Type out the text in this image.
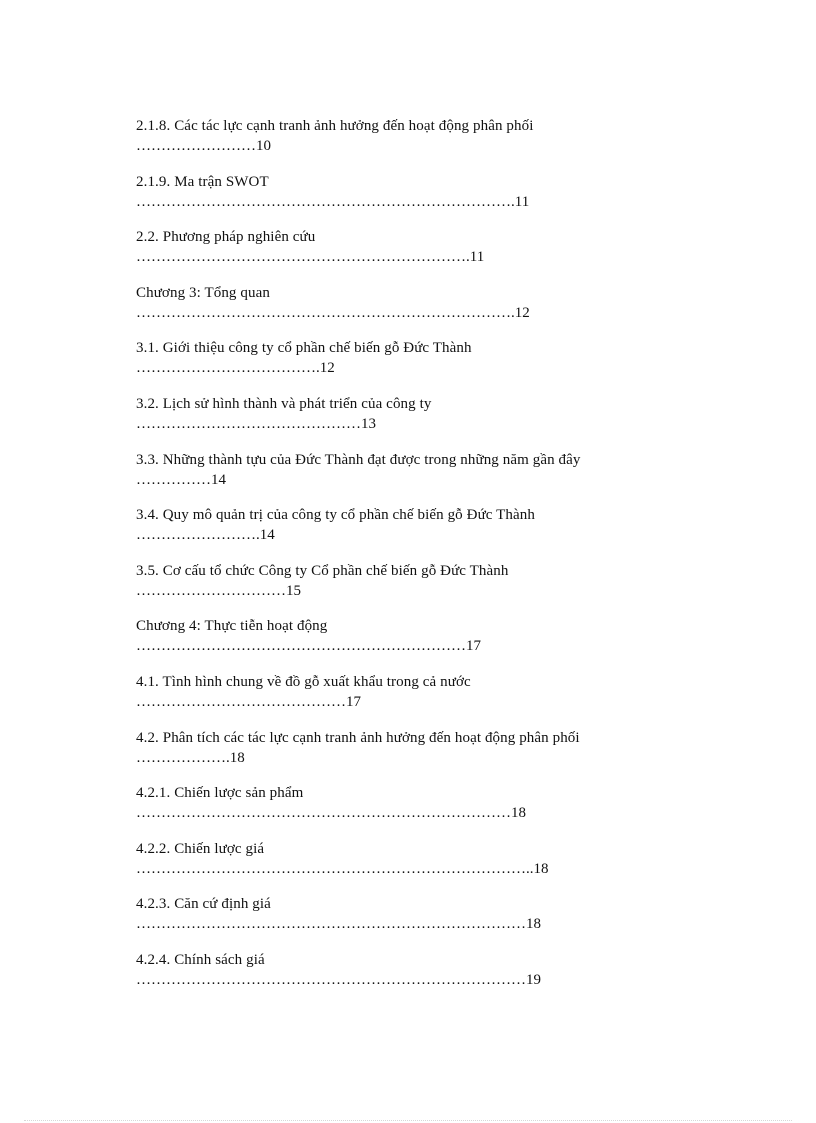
2.1.8. Các tác lực cạnh tranh ảnh hưởng đến hoạt động phân phối
……………………10
2.1.9. Ma trận SWOT
………………………………………………………………….11
2.2. Phương pháp nghiên cứu
………………………………………………………….11
Chương 3: Tổng quan
………………………………………………………………….12
3.1. Giới thiệu công ty cổ phần chế biến gỗ Đức Thành
……………………………….12
3.2. Lịch sử hình thành và phát triển của công ty
………………………………………13
3.3. Những thành tựu của Đức Thành đạt được trong những năm gần đây
……………14
3.4. Quy mô quản trị của công ty cổ phần chế biến gỗ Đức Thành
…………………….14
3.5. Cơ cấu tổ chức Công ty Cổ phần chế biến gỗ Đức Thành
…………………………15
Chương 4: Thực tiễn hoạt động
…………………………………………………………17
4.1. Tình hình chung về đồ gỗ xuất khẩu trong cả nước
……………………………………17
4.2. Phân tích các tác lực cạnh tranh ảnh hưởng đến hoạt động phân phối
……………….18
4.2.1. Chiến lược sản phẩm
…………………………………………………………………18
4.2.2. Chiến lược giá
……………………………………………………………………..18
4.2.3. Căn cứ định giá
……………………………………………………………………18
4.2.4. Chính sách giá
……………………………………………………………………19
